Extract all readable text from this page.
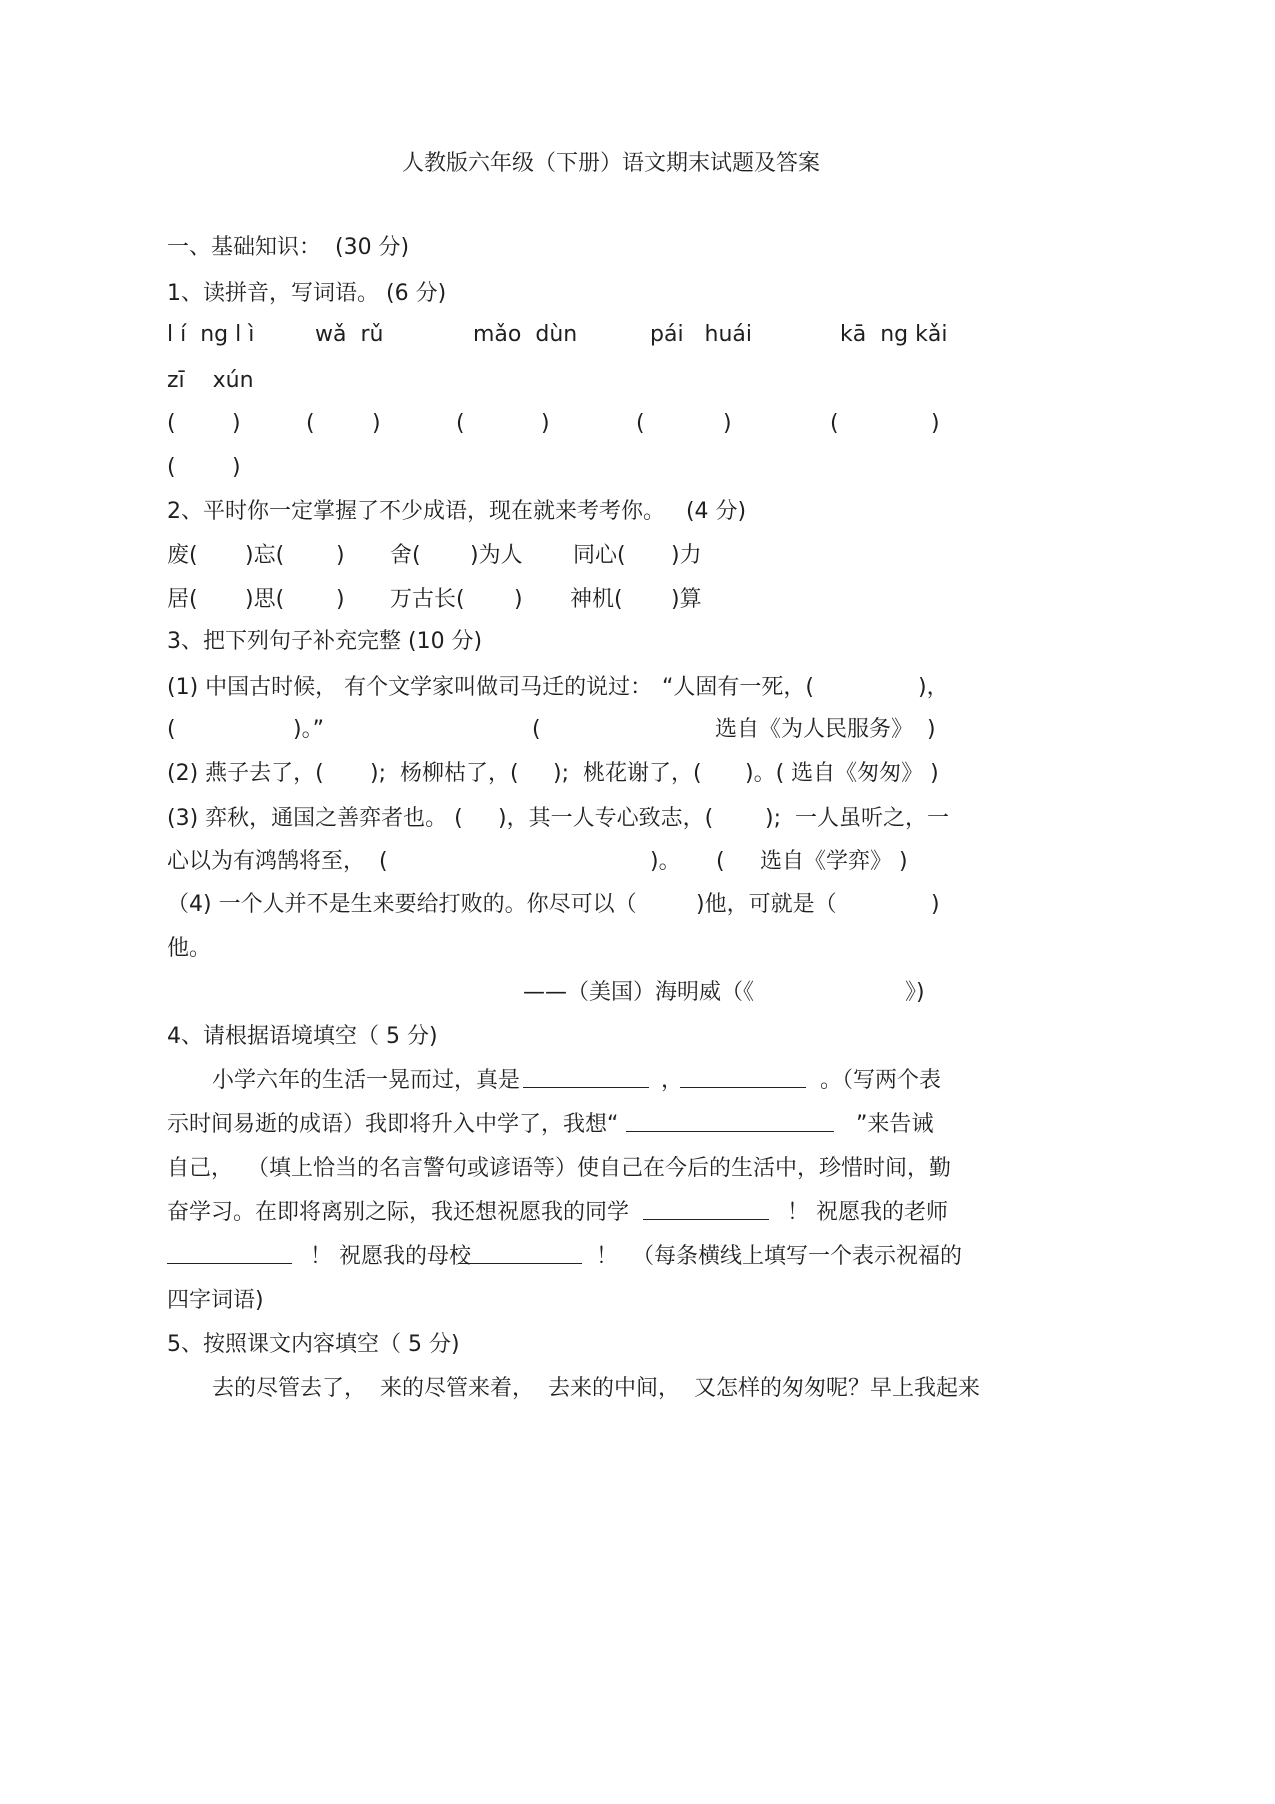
人教版六年级（下册）语文期末试题及答案
一、基础知识：  (30 分)
1、读拼音，写词语。 (6 分)
l í  ng l ì	wǎ  rǔ	mǎo  dùn	pái   huái	kā  ng kǎi
zī    xún
(	)	(	)	(	)	(	)	(	)
(	)
2、平时你一定掌握了不少成语，现在就来考考你。   (4 分)
废( )忘( ) 舍( )为人 同心( )力
居( )思( ) 万古长( ) 神机( )算
3、把下列句子补充完整 (10 分)
(1) 中国古时候， 有个文学家叫做司马迁的说过： “人固有一死，(	)，
(	)。”	(	选自《为人民服务》  )
(2) 燕子去了，( );  杨柳枯了，( );  桃花谢了，( )。( 选自《匆匆》 )
(3) 弈秋，通国之善弈者也。 ( )，其一人专心致志，( );  一人虽听之，一
心以为有鸿鹄将至，  (	)。 ( 选自《学弈》 )
（4) 一个人并不是生来要给打败的。你尽可以（	)他，可就是（	)
他。
——（美国）海明威（《	》)
4、请根据语境填空（ 5 分)
小学六年的生活一晃而过，真是	，	。（写两个表
示时间易逝的成语）我即将升入中学了，我想“	”来告诫
自己，  （填上恰当的名言警句或谚语等）使自己在今后的生活中，珍惜时间，勤
奋学习。在即将离别之际，我还想祝愿我的同学	！ 祝愿我的老师
！ 祝愿我的母校	！  （每条横线上填写一个表示祝福的
四字词语)
5、按照课文内容填空（ 5 分)
去的尽管去了，  来的尽管来着，  去来的中间，  又怎样的匆匆呢？早上我起来
